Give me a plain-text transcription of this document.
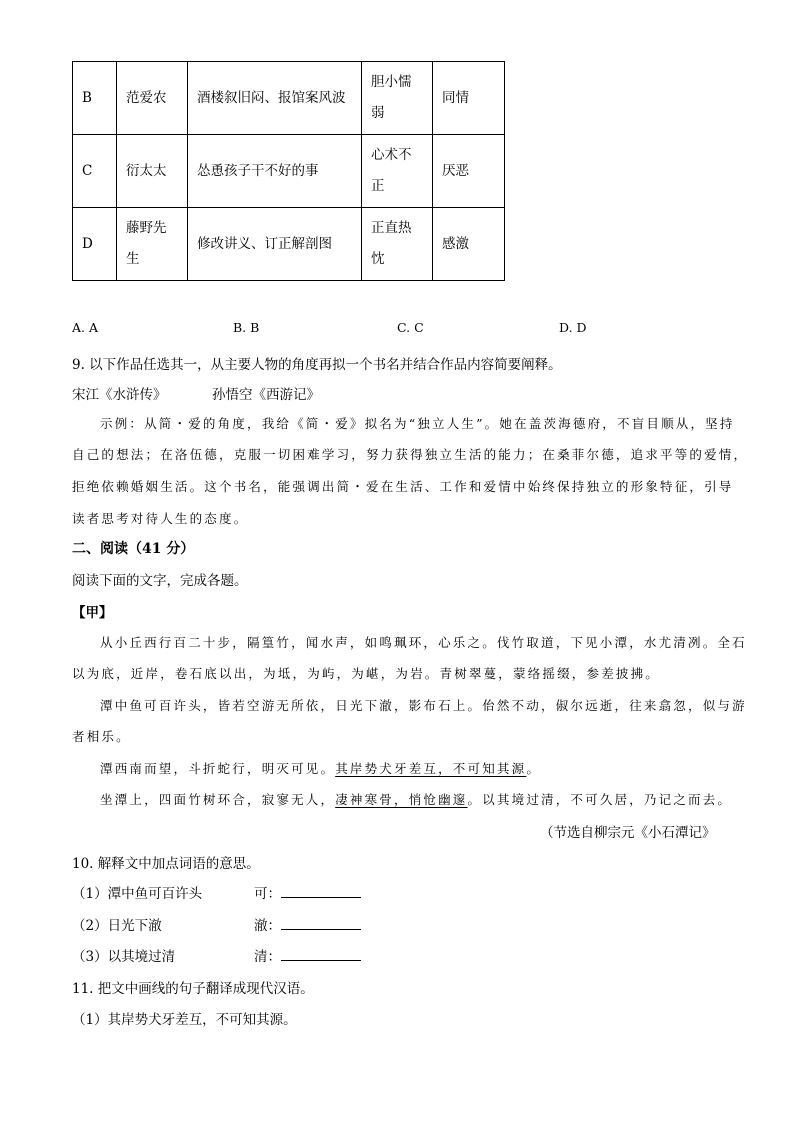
B	范爱农	酒楼叙旧闷、报馆案风波	胆小懦弱	同情
C	衍太太	怂恿孩子干不好的事	心术不正	厌恶
D	藤野先生	修改讲义、订正解剖图	正直热忱	感激
A. A	B. B	C. C	D. D
9. 以下作品任选其一，从主要人物的角度再拟一个书名并结合作品内容简要阐释。
宋江《水浒传》	孙悟空《西游记》
示例：从简・爱的角度，我给《简・爱》拟名为“独立人生”。她在盖茨海德府，不盲目顺从，坚持
自己的想法；在洛伍德，克服一切困难学习，努力获得独立生活的能力；在桑菲尔德，追求平等的爱情，
拒绝依赖婚姻生活。这个书名，能强调出简・爱在生活、工作和爱情中始终保持独立的形象特征，引导
读者思考对待人生的态度。
二、阅读（41 分）
阅读下面的文字，完成各题。
【甲】
从小丘西行百二十步，隔篁竹，闻水声，如鸣珮环，心乐之。伐竹取道，下见小潭，水尤清冽。全石
以为底，近岸，卷石底以出，为坻，为屿，为嵁，为岩。青树翠蔓，蒙络摇缀，参差披拂。
潭中鱼可百许头，皆若空游无所依，日光下澈，影布石上。佁然不动，俶尔远逝，往来翕忽，似与游
者相乐。
潭西南而望，斗折蛇行，明灭可见。其岸势犬牙差互，不可知其源。
坐潭上，四面竹树环合，寂寥无人，凄神寒骨，悄怆幽邃。以其境过清，不可久居，乃记之而去。
（节选自柳宗元《小石潭记》
10. 解释文中加点词语的意思。
（1）潭中鱼可百许头	可：
（2）日光下澈	澈：
（3）以其境过清	清：
11. 把文中画线的句子翻译成现代汉语。
（1）其岸势犬牙差互，不可知其源。
